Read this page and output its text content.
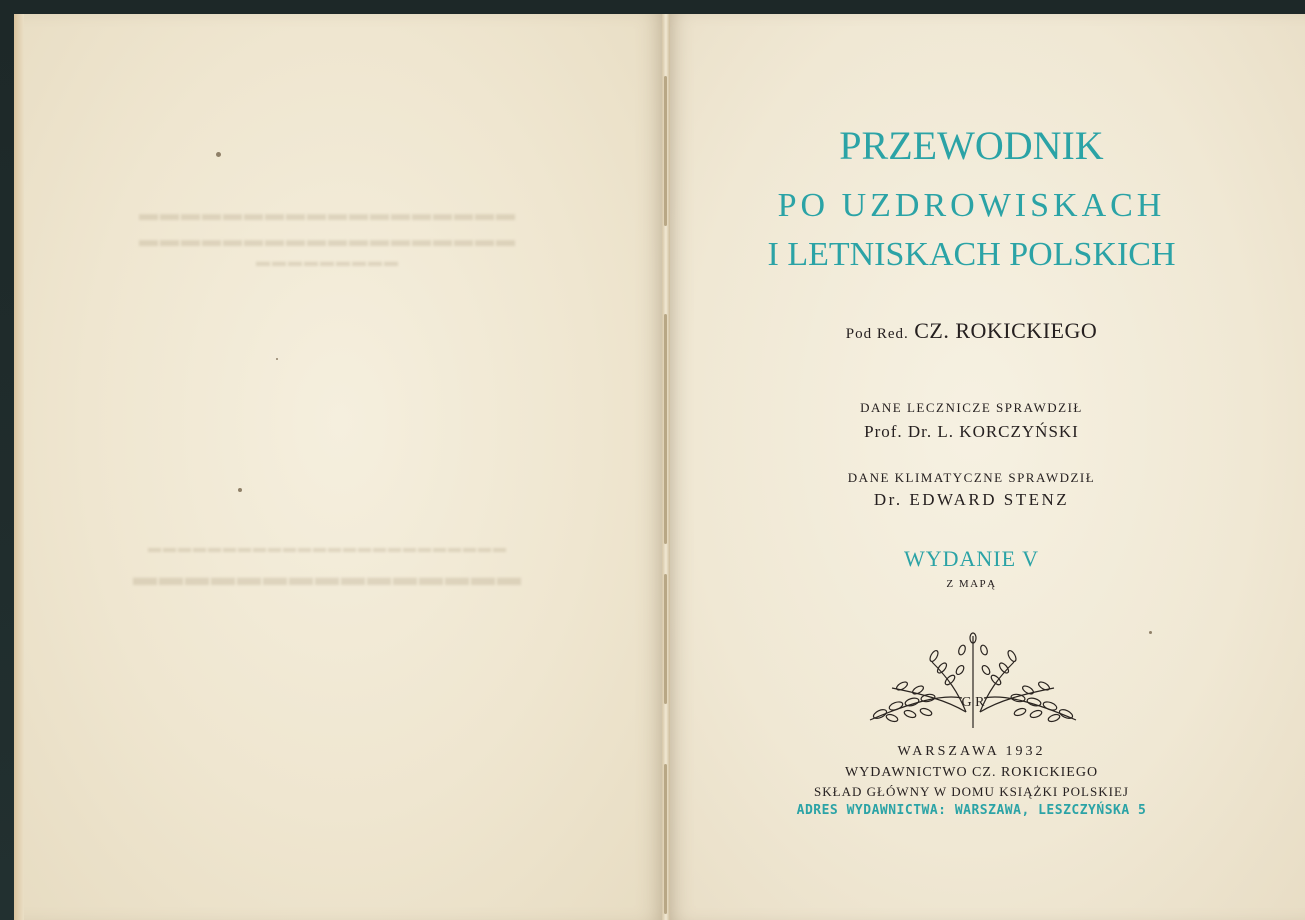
▬▬▬▬▬▬▬▬▬▬▬▬▬▬▬▬▬▬
▬▬▬▬▬▬▬▬▬▬▬▬▬▬▬▬▬▬
▬▬▬▬▬▬▬▬▬
▬▬▬▬▬▬▬▬▬▬▬▬▬▬▬▬▬▬▬▬▬▬▬▬
▬▬▬▬▬▬▬▬▬▬▬▬▬▬▬
PRZEWODNIK
PO UZDROWISKACH
I LETNISKACH POLSKICH
Pod Red. CZ. ROKICKIEGO
DANE LECZNICZE SPRAWDZIŁ
Prof. Dr. L. KORCZYŃSKI
DANE KLIMATYCZNE SPRAWDZIŁ
Dr. EDWARD STENZ
WYDANIE V
Z MAPĄ
G R
WARSZAWA 1932
WYDAWNICTWO CZ. ROKICKIEGO
SKŁAD GŁÓWNY W DOMU KSIĄŻKI POLSKIEJ
ADRES WYDAWNICTWA: WARSZAWA, LESZCZYŃSKA 5
